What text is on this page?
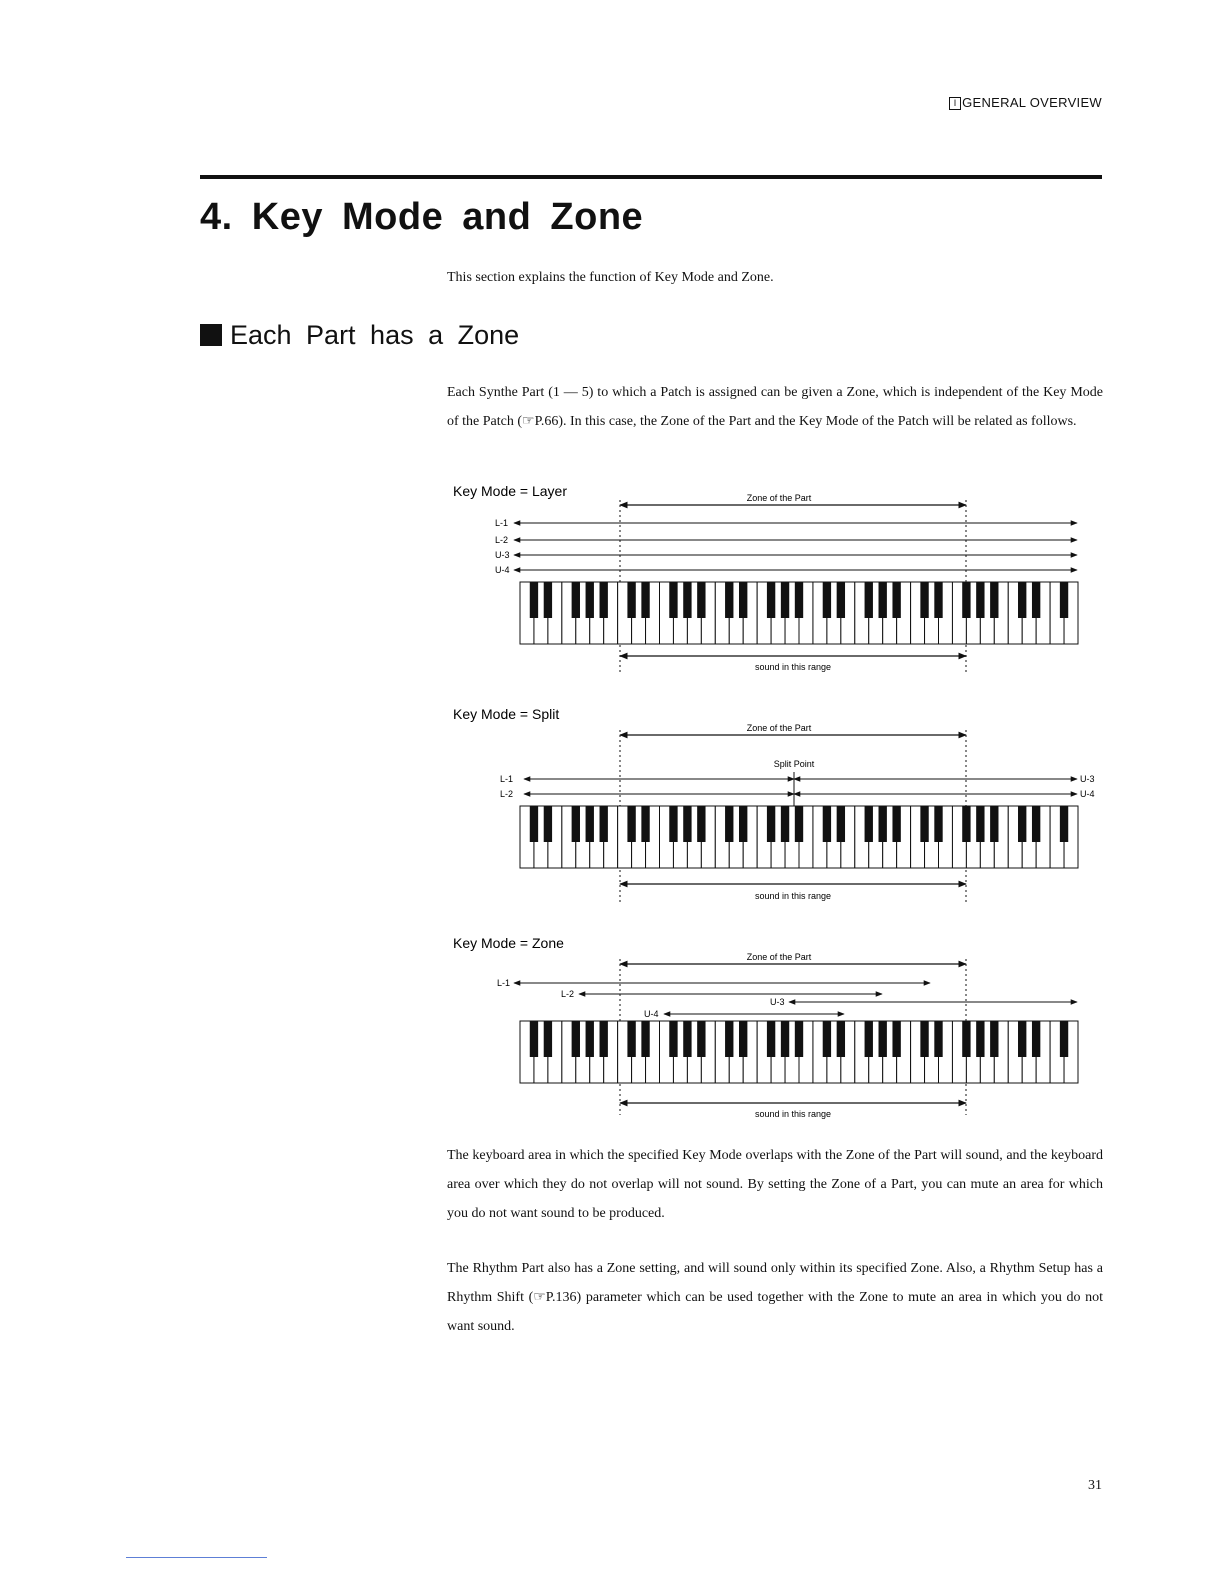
I GENERAL OVERVIEW
4. Key Mode and Zone
This section explains the function of Key Mode and Zone.
Each Part has a Zone
Each Synthe Part (1 — 5) to which a Patch is assigned can be given a Zone, which is independent of the Key Mode of the Patch (☞P.66). In this case, the Zone of the Part and the Key Mode of the Patch will be related as follows.
Key Mode = Layer	Zone of the Part
L-1
L-2
U-3
U-4
sound in this range
Key Mode = Split
Zone of the Part
Split Point
L-1	U-3
L-2	U-4
sound in this range
Key Mode = Zone
Zone of the Part
L-1
L-2
U-3
U-4
sound in this range
The keyboard area in which the specified Key Mode overlaps with the Zone of the Part will sound, and the keyboard area over which they do not overlap will not sound. By setting the Zone of a Part, you can mute an area for which you do not want sound to be produced.
The Rhythm Part also has a Zone setting, and will sound only within its specified Zone. Also, a Rhythm Setup has a Rhythm Shift (☞P.136) parameter which can be used together with the Zone to mute an area in which you do not want sound.
31
